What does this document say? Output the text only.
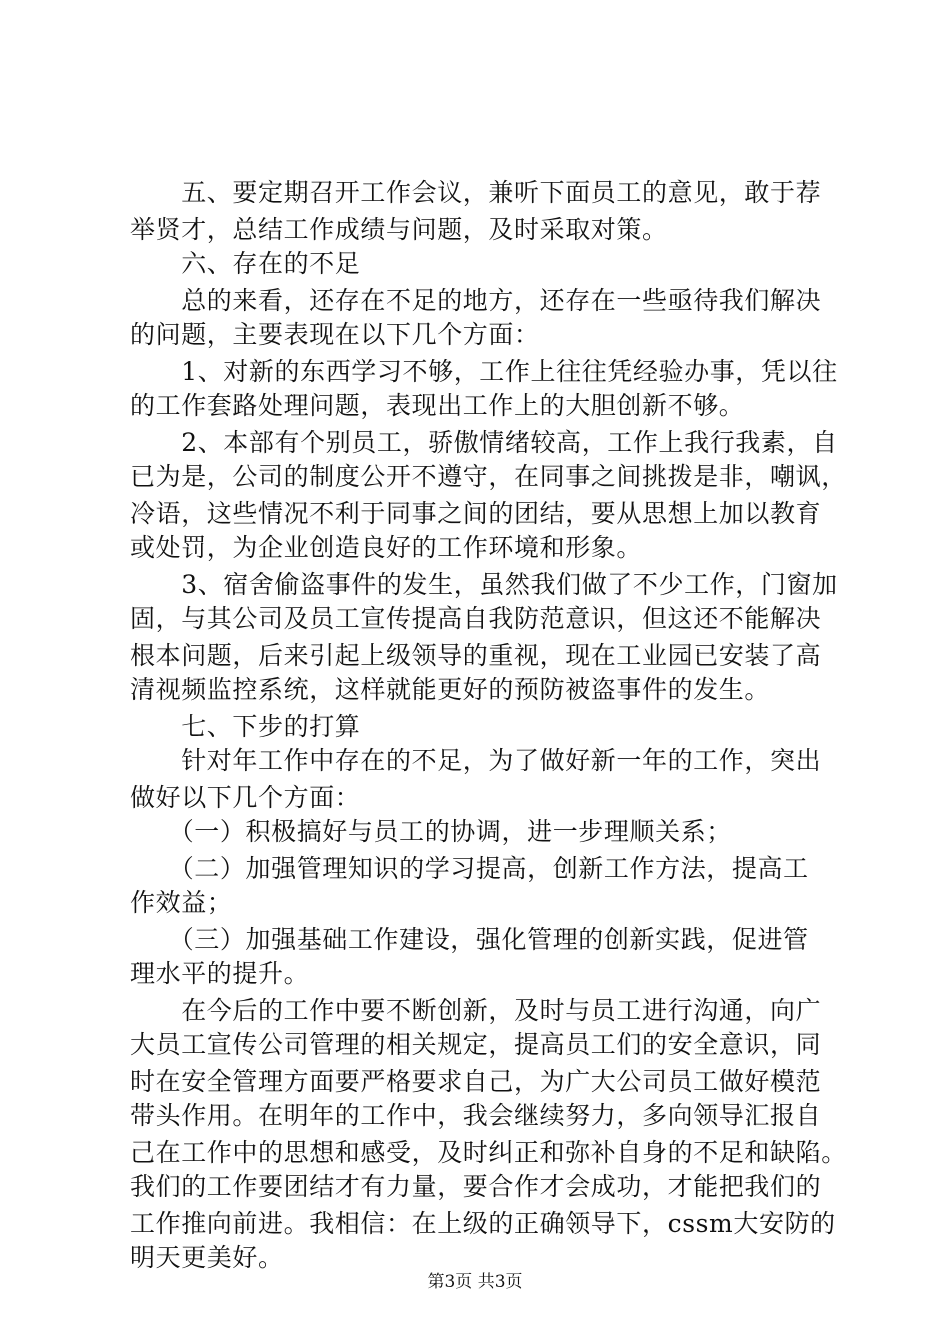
　　五、要定期召开工作会议，兼听下面员工的意见，敢于荐
举贤才，总结工作成绩与问题，及时采取对策。
　　六、存在的不足
　　总的来看，还存在不足的地方，还存在一些亟待我们解决
的问题，主要表现在以下几个方面：
　　1、对新的东西学习不够，工作上往往凭经验办事，凭以往
的工作套路处理问题，表现出工作上的大胆创新不够。
　　2、本部有个别员工，骄傲情绪较高，工作上我行我素，自
已为是，公司的制度公开不遵守，在同事之间挑拨是非，嘲讽，
冷语，这些情况不利于同事之间的团结，要从思想上加以教育
或处罚，为企业创造良好的工作环境和形象。
　　3、宿舍偷盗事件的发生，虽然我们做了不少工作，门窗加
固，与其公司及员工宣传提高自我防范意识，但这还不能解决
根本问题，后来引起上级领导的重视，现在工业园已安装了高
清视频监控系统，这样就能更好的预防被盗事件的发生。
　　七、下步的打算
　　针对年工作中存在的不足，为了做好新一年的工作，突出
做好以下几个方面：
　　（一）积极搞好与员工的协调，进一步理顺关系；
　　（二）加强管理知识的学习提高，创新工作方法，提高工
作效益；
　　（三）加强基础工作建设，强化管理的创新实践，促进管
理水平的提升。
　　在今后的工作中要不断创新，及时与员工进行沟通，向广
大员工宣传公司管理的相关规定，提高员工们的安全意识，同
时在安全管理方面要严格要求自己，为广大公司员工做好模范
带头作用。在明年的工作中，我会继续努力，多向领导汇报自
己在工作中的思想和感受，及时纠正和弥补自身的不足和缺陷。
我们的工作要团结才有力量，要合作才会成功，才能把我们的
工作推向前进。我相信：在上级的正确领导下，cssm大安防的
明天更美好。
第3页 共3页
